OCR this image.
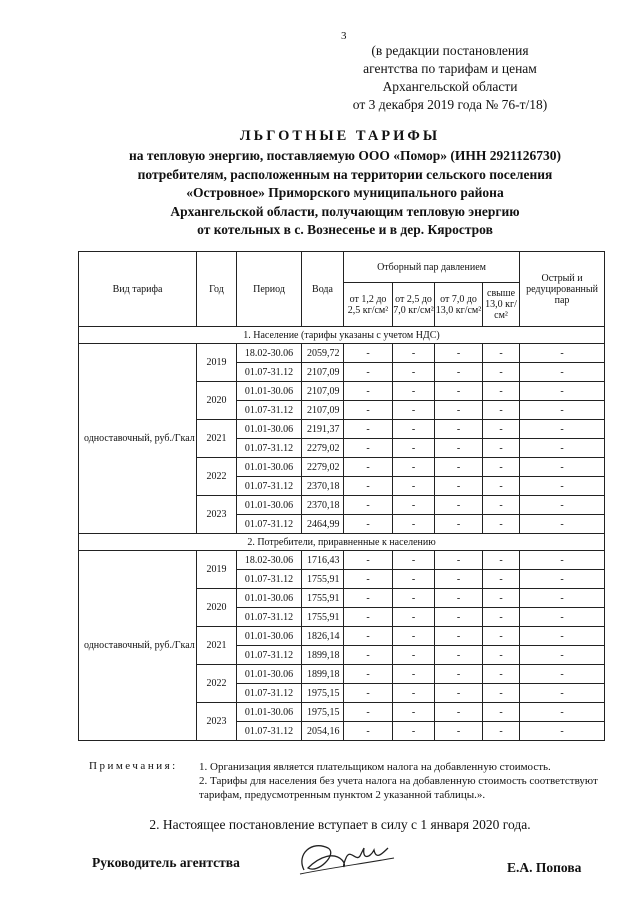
3
(в редакции постановления
агентства по тарифам и ценам
Архангельской области
от 3 декабря 2019 года № 76-т/18)
ЛЬГОТНЫЕ ТАРИФЫ
на тепловую энергию, поставляемую ООО «Помор» (ИНН 2921126730)
потребителям, расположенным на территории сельского поселения
«Островное» Приморского муниципального района
Архангельской области, получающим тепловую энергию
от котельных в с. Вознесенье и в дер. Кяростров
Вид тарифа	Год	Период	Вода	Отборный пар давлением				Острый и редуцированный пар
				от 1,2 до 2,5 кг/см²	от 2,5 до 7,0 кг/см²	от 7,0 до 13,0 кг/см²	свыше 13,0 кг/см²	
1. Население (тарифы указаны с учетом НДС)								
одноставочный, руб./Гкал	2019	18.02-30.06	2059,72	-	-	-	-	-
		01.07-31.12	2107,09	-	-	-	-	-
	2020	01.01-30.06	2107,09	-	-	-	-	-
		01.07-31.12	2107,09	-	-	-	-	-
	2021	01.01-30.06	2191,37	-	-	-	-	-
		01.07-31.12	2279,02	-	-	-	-	-
	2022	01.01-30.06	2279,02	-	-	-	-	-
		01.07-31.12	2370,18	-	-	-	-	-
	2023	01.01-30.06	2370,18	-	-	-	-	-
		01.07-31.12	2464,99	-	-	-	-	-
2. Потребители, приравненные к населению								
одноставочный, руб./Гкал	2019	18.02-30.06	1716,43	-	-	-	-	-
		01.07-31.12	1755,91	-	-	-	-	-
	2020	01.01-30.06	1755,91	-	-	-	-	-
		01.07-31.12	1755,91	-	-	-	-	-
	2021	01.01-30.06	1826,14	-	-	-	-	-
		01.07-31.12	1899,18	-	-	-	-	-
	2022	01.01-30.06	1899,18	-	-	-	-	-
		01.07-31.12	1975,15	-	-	-	-	-
	2023	01.01-30.06	1975,15	-	-	-	-	-
		01.07-31.12	2054,16	-	-	-	-	-
Примечания: 1. Организация является плательщиком налога на добавленную стоимость.
2. Тарифы для населения без учета налога на добавленную стоимость соответствуют тарифам, предусмотренным пунктом 2 указанной таблицы.».
2. Настоящее постановление вступает в силу с 1 января 2020 года.
Руководитель агентства	Е.А. Попова
